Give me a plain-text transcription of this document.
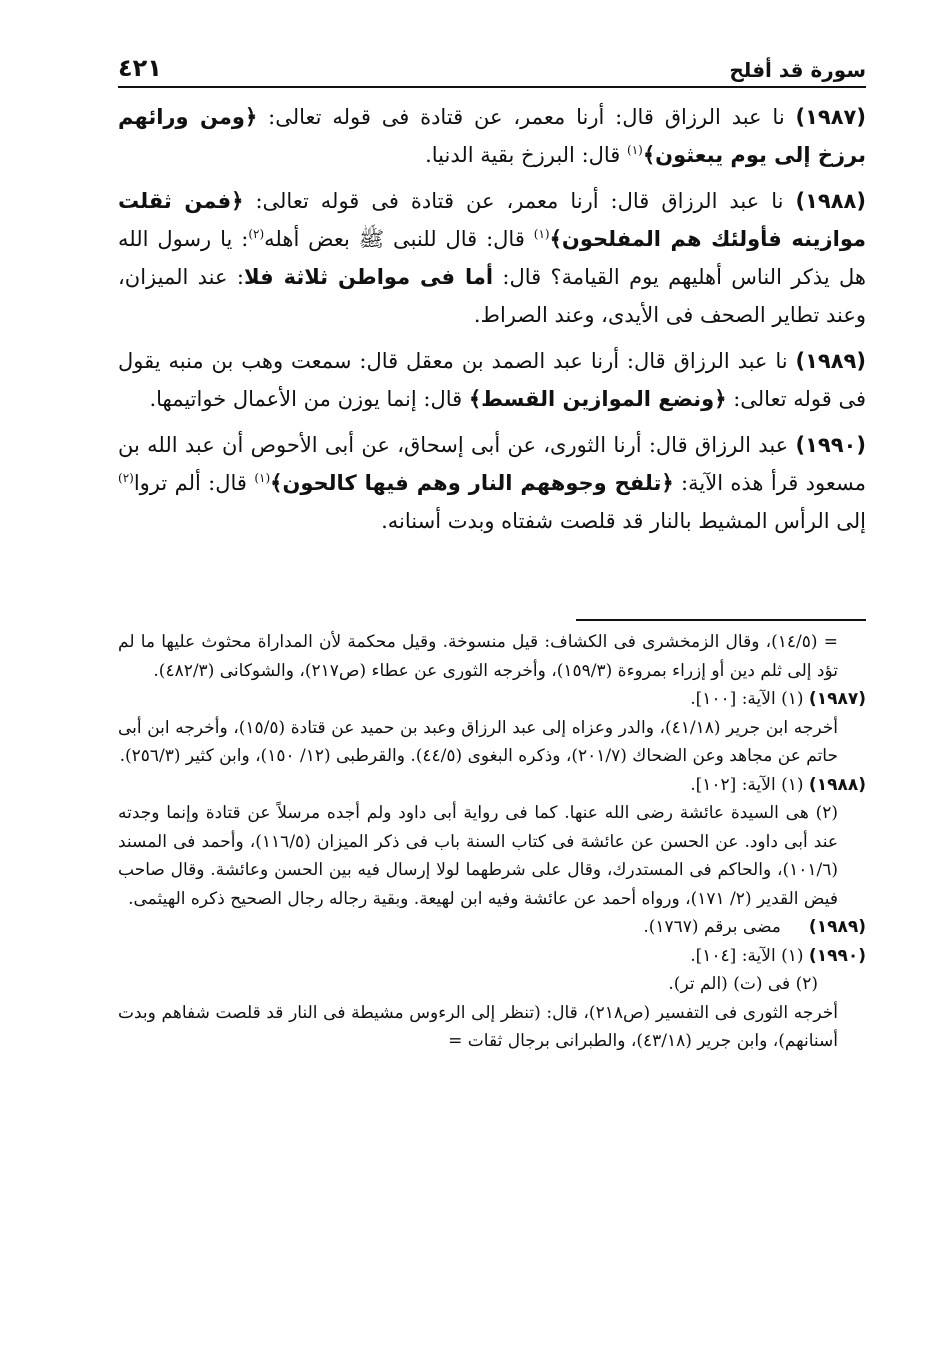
سورة قد أفلح
٤٢١

(١٩٨٧) نا عبد الرزاق قال: أرنا معمر، عن قتادة فى قوله تعالى: ﴿ومن ورائهم برزخ إلى يوم يبعثون﴾$^{(١)}$ قال: البرزخ بقية الدنيا.

(١٩٨٨) نا عبد الرزاق قال: أرنا معمر، عن قتادة فى قوله تعالى: ﴿فمن ثقلت موازينه فأولئك هم المفلحون﴾$^{(١)}$ قال: قال للنبى ﷺ بعض أهله$^{(٢)}$: يا رسول الله هل يذكر الناس أهليهم يوم القيامة؟ قال: أما فى مواطن ثلاثة فلا: عند الميزان، وعند تطاير الصحف فى الأيدى، وعند الصراط.

(١٩٨٩) نا عبد الرزاق قال: أرنا عبد الصمد بن معقل قال: سمعت وهب بن منبه يقول فى قوله تعالى: ﴿ونضع الموازين القسط﴾ قال: إنما يوزن من الأعمال خواتيمها.

(١٩٩٠) عبد الرزاق قال: أرنا الثورى، عن أبى إسحاق، عن أبى الأحوص أن عبد الله بن مسعود قرأ هذه الآية: ﴿تلفح وجوههم النار وهم فيها كالحون﴾$^{(١)}$ قال: ألم تروا$^{(٢)}$ إلى الرأس المشيط بالنار قد قلصت شفتاه وبدت أسنانه.

= (١٤/٥)، وقال الزمخشرى فى الكشاف: قيل منسوخة. وقيل محكمة لأن المداراة محثوث عليها ما لم تؤد إلى ثلم دين أو إزراء بمروءة (١٥٩/٣)، وأخرجه الثورى عن عطاء (ص٢١٧)، والشوكانى (٤٨٢/٣).

(١٩٨٧) (١) الآية: [١٠٠].

أخرجه ابن جرير (٤١/١٨)، والدر وعزاه إلى عبد الرزاق وعبد بن حميد عن قتادة (١٥/٥)، وأخرجه ابن أبى حاتم عن مجاهد وعن الضحاك (٢٠١/٧)، وذكره البغوى (٤٤/٥). والقرطبى (١٢/ ١٥٠)، وابن كثير (٢٥٦/٣).

(١٩٨٨) (١) الآية: [١٠٢].

(٢) هى السيدة عائشة رضى الله عنها. كما فى رواية أبى داود ولم أجده مرسلاً عن قتادة وإنما وجدته عند أبى داود. عن الحسن عن عائشة فى كتاب السنة باب فى ذكر الميزان (١١٦/٥)، وأحمد فى المسند (١٠١/٦)، والحاكم فى المستدرك، وقال على شرطهما لولا إرسال فيه بين الحسن وعائشة. وقال صاحب فيض القدير (٢/ ١٧١)، ورواه أحمد عن عائشة وفيه ابن لهيعة. وبقية رجاله رجال الصحيح ذكره الهيثمى.

(١٩٨٩)مضى برقم (١٧٦٧).

(١٩٩٠) (١) الآية: [١٠٤].

(٢) فى (ت) (الم تر).

أخرجه الثورى فى التفسير (ص٢١٨)، قال: (تنظر إلى الرءوس مشيطة فى النار قد قلصت شفاهم وبدت أسنانهم)، وابن جرير (٤٣/١٨)، والطبرانى برجال ثقات =
